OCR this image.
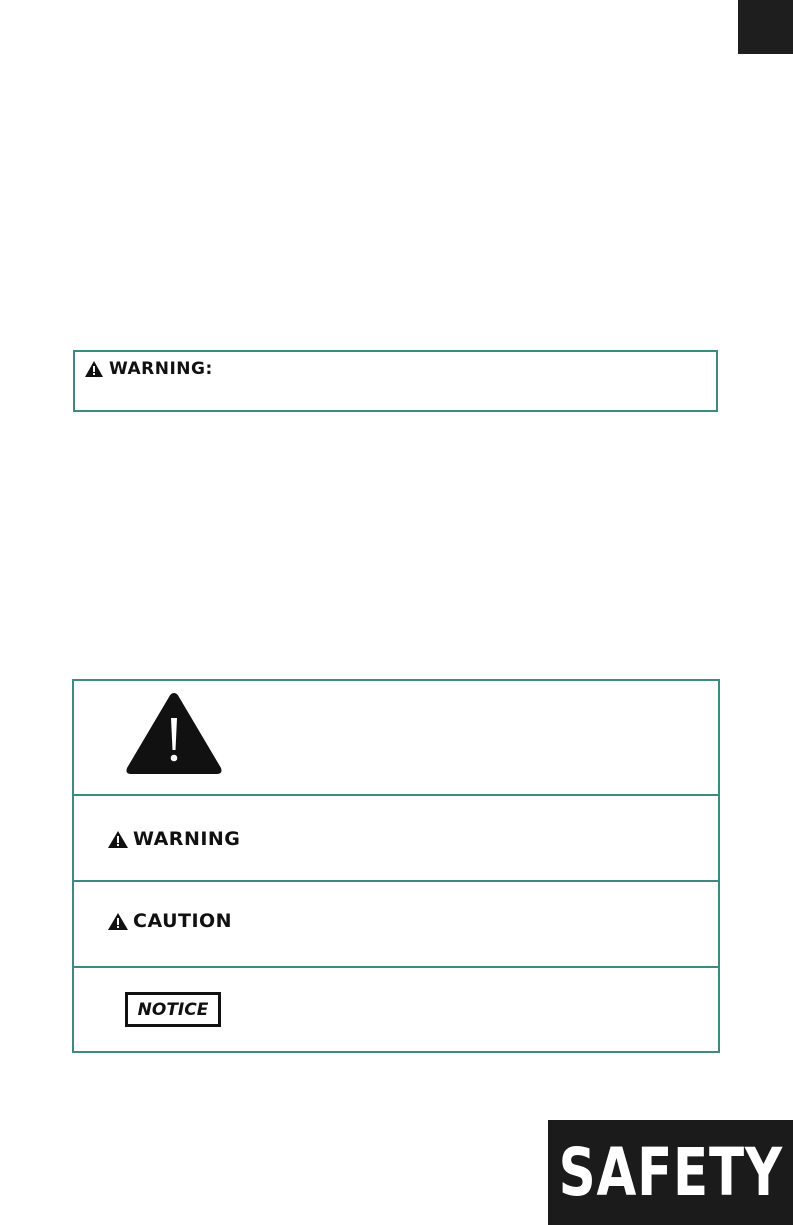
WARNING:
WARNING
CAUTION
NOTICE
SAFETY
